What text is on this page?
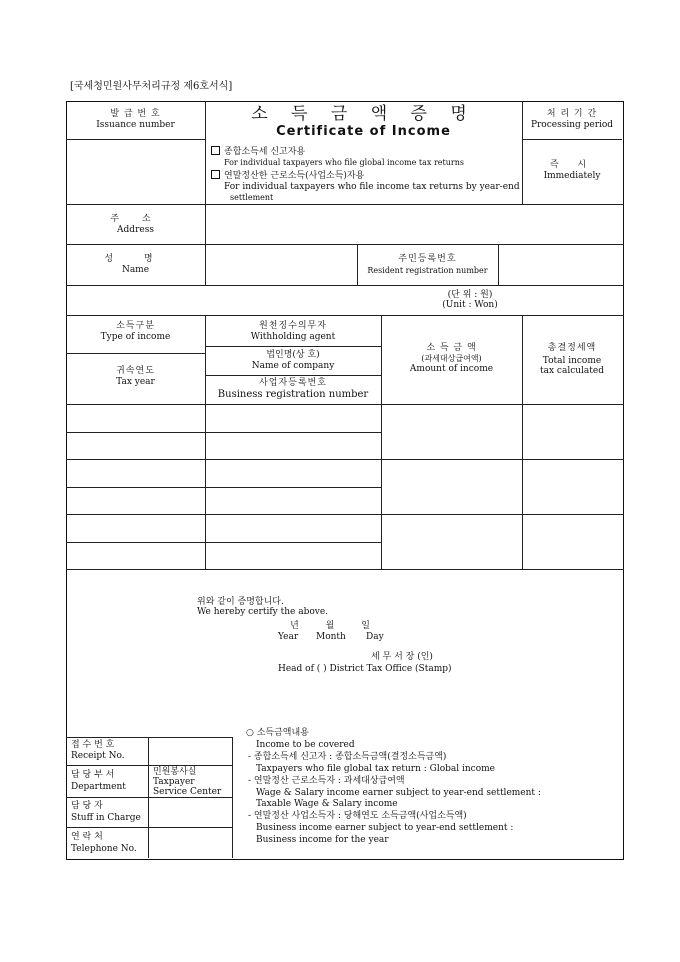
[국세청민원사무처리규정 제6호서식]
발 급 번 호
Issuance number
소 득 금 액 증 명
Certificate of Income
처 리 기 간
Processing period
즉 시
Immediately
종합소득세 신고자용
For individual taxpayers who file global income tax returns
연말정산한 근로소득(사업소득)자용
For individual taxpayers who file income tax returns by year-end
settlement
주 소
Address
성 명
Name
주민등록번호
Resident registration number
(단 위 : 원)
(Unit : Won)
소득구분
Type of income
귀속연도
Tax year
원천징수의무자
Withholding agent
법인명(상 호)
Name of company
사업자등록번호
Business registration number
소 득 금 액
(과세대상급여액)
Amount of income
총결정세액
Total income
tax calculated
위와 같이 증명합니다.
We hereby certify the above.
년 월 일
Year Month Day
세 무 서 장 (인)
Head of ( ) District Tax Office (Stamp)
접 수 번 호
Receipt No.
담 당 부 서
Department
민원봉사실
Taxpayer
Service Center
담 당 자
Stuff in Charge
연 락 처
Telephone No.
○ 소득금액내용
Income to be covered
- 종합소득세 신고자 : 종합소득금액(결정소득금액)
Taxpayers who file global tax return : Global income
- 연말정산 근로소득자 : 과세대상급여액
Wage & Salary income earner subject to year-end settlement :
Taxable Wage & Salary income
- 연말정산 사업소득자 : 당해연도 소득금액(사업소득액)
Business income earner subject to year-end settlement :
Business income for the year
